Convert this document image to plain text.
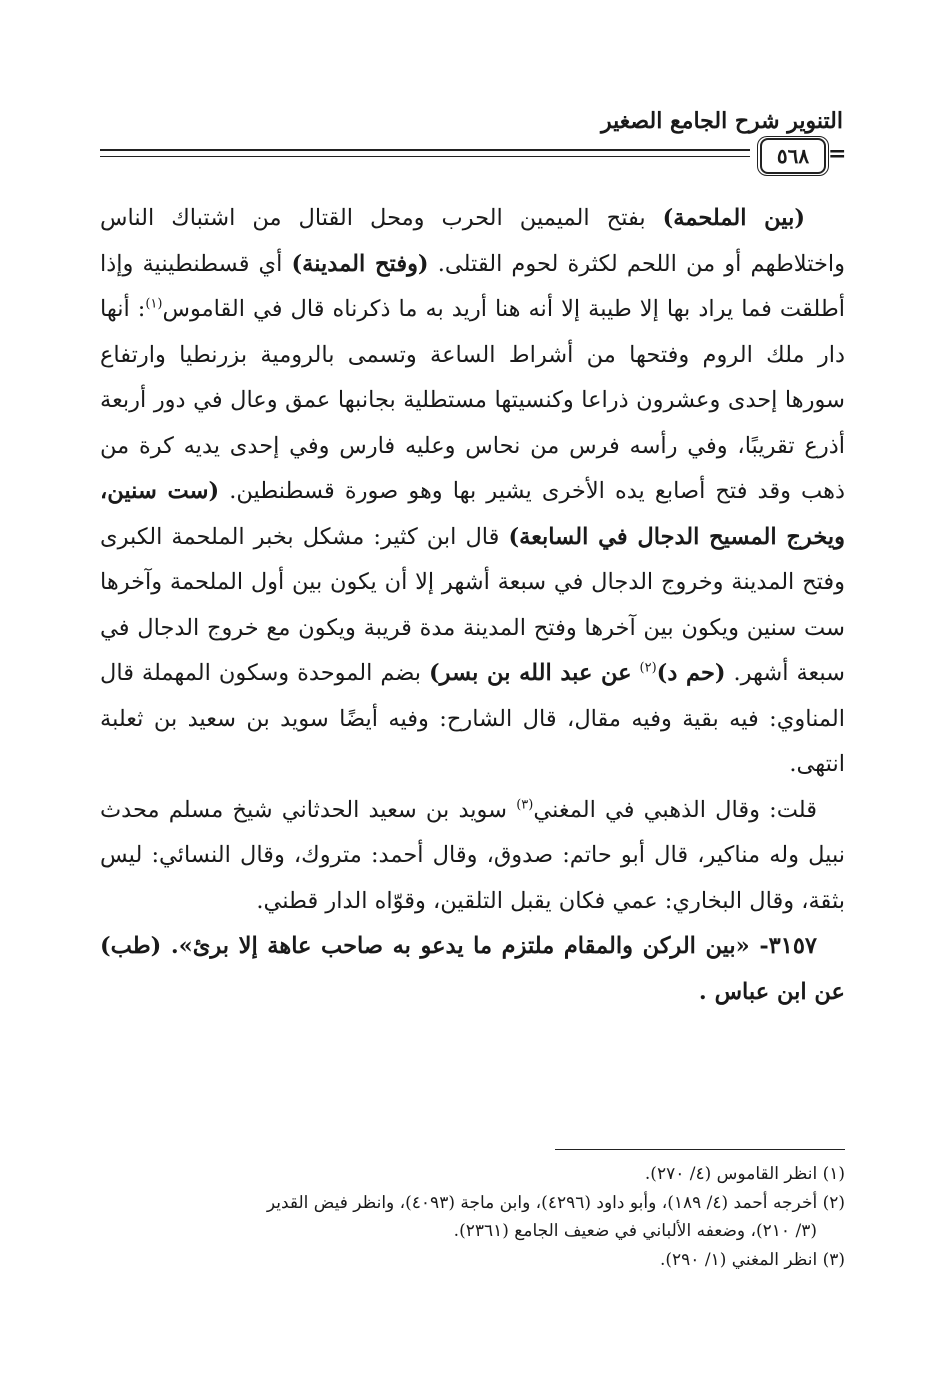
التنوير شرح الجامع الصغير
٥٦٨ =

(بين الملحمة) بفتح الميمين الحرب ومحل القتال من اشتباك الناس واختلاطهم أو من اللحم لكثرة لحوم القتلى. (وفتح المدينة) أي قسطنطينية وإذا أطلقت فما يراد بها إلا طيبة إلا أنه هنا أريد به ما ذكرناه قال في القاموس$^{(١)}$: أنها دار ملك الروم وفتحها من أشراط الساعة وتسمى بالرومية بزرنطيا وارتفاع سورها إحدى وعشرون ذراعا وكنسيتها مستطلية بجانبها عمق وعال في دور أربعة أذرع تقريبًا، وفي رأسه فرس من نحاس وعليه فارس وفي إحدى يديه كرة من ذهب وقد فتح أصابع يده الأخرى يشير بها وهو صورة قسطنطين. (ست سنين، ويخرج المسيح الدجال في السابعة) قال ابن كثير: مشكل بخبر الملحمة الكبرى وفتح المدينة وخروج الدجال في سبعة أشهر إلا أن يكون بين أول الملحمة وآخرها ست سنين ويكون بين آخرها وفتح المدينة مدة قريبة ويكون مع خروج الدجال في سبعة أشهر. (حم د)$^{(٢)}$ عن عبد الله بن بسر) بضم الموحدة وسكون المهملة قال المناوي: فيه بقية وفيه مقال، قال الشارح: وفيه أيضًا سويد بن سعيد بن ثعلبة انتهى.

قلت: وقال الذهبي في المغني$^{(٣)}$ سويد بن سعيد الحدثاني شيخ مسلم محدث نبيل وله مناكير، قال أبو حاتم: صدوق، وقال أحمد: متروك، وقال النسائي: ليس بثقة، وقال البخاري: عمي فكان يقبل التلقين، وقوّاه الدار قطني.

٣١٥٧- «بين الركن والمقام ملتزم ما يدعو به صاحب عاهة إلا برئ». (طب) عن ابن عباس .

(١) انظر القاموس (٤/ ٢٧٠).

(٢) أخرجه أحمد (٤/ ١٨٩)، وأبو داود (٤٢٩٦)، وابن ماجة (٤٠٩٣)، وانظر فيض القدير
(٣/ ٢١٠)، وضعفه الألباني في ضعيف الجامع (٢٣٦١).

(٣) انظر المغني (١/ ٢٩٠).
